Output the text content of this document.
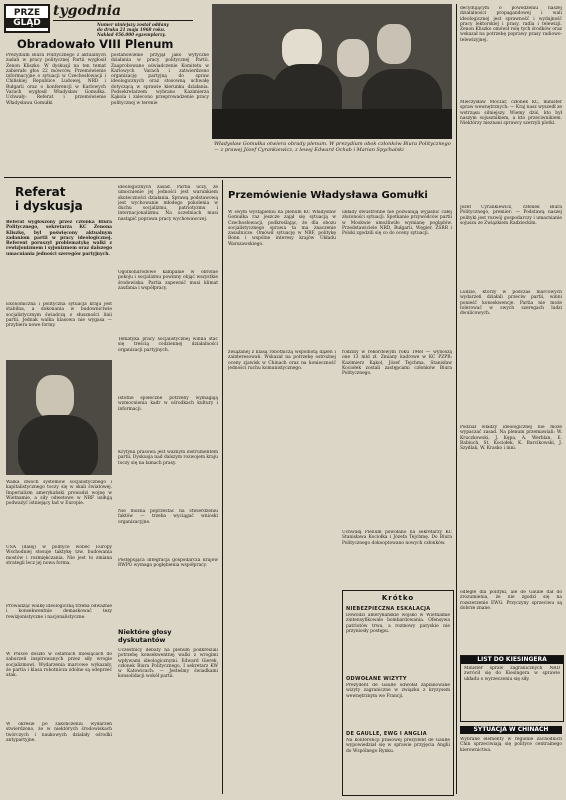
PRZE
GLĄD
tygodnia
Numer niniejszy został oddany
do druku 21 maja 1968 roku.
Nakład 456.000 egzemplarzy.
Obradowało VIII Plenum
Prezydium Biura Politycznego z aktualnych zadań w pracy politycznej Partii wygłosił Zenon Kliszko. W dyskusji na ten temat zabierało głos 22 mówców. Przemówienie informacyjne o sytuacji w Czechosłowacji i Chińskiej Republice Ludowej, NRD i Bułgarii oraz o konferencji w Karlowych Varach wygłosił Władysław Gomułka. Uchwały: Referat i przemówienie Władysława Gomułki
postanowienie przyjął jako wytyczne działania w pracy politycznej Partii. Zaaprobowano oświadczenie Komitetu w Karlowych Varach i zatwierdzono organizację partyjną do spraw ideologicznych oraz stosowną uchwałę dotyczącą w sprawie kierunku działania. Podsekretarzem wybrano Kazimierza Kąkola i zalecono przeprowadzenie pracy politycznej w terenie
Władysław Gomułka otwiera obrady plenum. W prezydium obok członków Biura Politycznego — z prawej Józef Cyrankiewicz, z lewej Edward Ochab i Marian Spychalski
Referat
i dyskusja
Referat wygłoszony przez członka Biura Politycznego, sekretarza KC Zenona Kliszkę, był poświęcony aktualnym zadaniom partii w pracy ideologicznej. Referent poruszył problematykę walki z rewizjonizmem i syjonizmem oraz dalszego umacniania jedności szeregów partyjnych.
Ekonomiczna i polityczna sytuacja kraju jest stabilna, a dokonania w budownictwie socjalistycznym świadczą o słuszności linii partii. Jednak walka klasowa nie wygasa — przybiera nowe formy.
Walka dwóch systemów socjalistycznego i kapitalistycznego toczy się w skali światowej. Imperializm amerykański prowadzi wojnę w Wietnamie, a siły odwetowe w NRF usiłują podważyć istniejący ład w Europie.
USA (dalej) w polityce wobec Europy Wschodniej stosuje taktykę tzw. budowania mostów i rozmiękczania. Nie jest to zmiana strategii lecz jej nowa forma.
Prowadząc walkę ideologiczną trzeba odważnie i konsekwentnie demaskować tezy rewizjonistyczne i nacjonalistyczne.
W Polsce doszło w ostatnich miesiącach do zaburzeń inspirowanych przez siły wrogie socjalizmowi. Wydarzenia marcowe wykazały, że partia i klasa robotnicza zdolne są odeprzeć atak.
W okresie po zakończeniu wydarzeń stwierdzono, że w niektórych środowiskach twórczych i naukowych działały ośrodki antypartyjne.
ideologicznych zasad. Partia uczy, że umocnienie jej jedności jest warunkiem skuteczności działania. Sprawą podstawową jest wychowanie młodego pokolenia w duchu socjalizmu, patriotyzmu i internacjonalizmu. Na uczelniach musi nastąpić poprawa pracy wychowawczej.
Ogólnonarodowe kampanie w obronie pokoju i socjalizmu powinny objąć wszystkie środowiska. Partia zapewnić musi klimat zaufania i współpracy.
Tematyka pracy socjalistycznej winna stać się treścią codziennej działalności organizacji partyjnych.
Istotne społeczne potrzeby wymagają wzmocnienia kadr w ośrodkach kultury i informacji.
Krytyka prasowa jest ważnym instrumentem partii. Dyskusja nad dalszym rozwojem kraju toczy się na łamach prasy.
Nie można poprzestać na stwierdzeniu faktów — trzeba wyciągać wnioski organizacyjne.
Postępująca integracja gospodarcza krajów RWPG wymaga pogłębienia współpracy.
Niektóre głosy dyskutantów
Uczestnicy debaty na plenum podkreślali potrzebę konsekwentnej walki z wrogimi wpływami ideologicznymi. Edward Gierek, członek Biura Politycznego, I sekretarz KW w Katowicach: — Jesteśmy świadkami konsolidacji wokół partii.
Przemówienie Władysława Gomułki
W swym wystąpieniu na plenum KC Władysław Gomułka raz jeszcze zajął się sytuacją w Czechosłowacji, podkreślając, że dla obozu socjalistycznego sprawa ta ma znaczenie zasadnicze. Omówił sytuację w NRF, politykę Bonn i wspólne interesy krajów Układu Warszawskiego.
układy dwustronne nie pozwalają wyjaśnić całej złożoności sytuacji. Spotkanie przywódców partii w Moskwie umożliwiło wymianę poglądów. Przedstawiciele NRD, Bułgarii, Węgier, ZSRR i Polski zgodzili się co do oceny sytuacji.
związanej z klasą robotniczą wspólnotą dążeń i zainteresowań. Wskazał na potrzebę ostrożnej oceny zjawisk w Chinach oraz na konieczność jedności ruchu komunistycznego.
rodziny w rekordowym roku 1968 — wynoszą one 13 mld zł. Zmiany kadrowe w KC PZPR: Kazimierz Kąkol, Józef Tejchma, Stanisław Kociołek zostali zastępcami członków Biura Politycznego.
Uchwałą Plenum powołano na sekretarzy KC Stanisława Kociołka i Józefa Tejchmę. Do Biura Politycznego dokooptowano nowych członków.
Krótko
NIEBEZPIECZNA ESKALACJA
Dowodzi amerykańskie wojsko w Wietnamie zintensyfikowało bombardowania. Ofensywa patriotów trwa, a rozmowy paryskie nie przyniosły postępu.
ODWOŁANE WIZYTY
Prezydent de Gaulle odwołał zaplanowane wizyty zagraniczne w związku z kryzysem wewnętrznym we Francji.
DE GAULLE, EWG I ANGLIA
Na konferencji prasowej prezydent de Gaulle wypowiedział się w sprawie przyjęcia Anglii do Wspólnego Rynku.
decydującym o powodzeniu naszej działalności propagandowej i wali ideologicznej jest sprawność i wydajność pracy lektorskiej i prasy, radia i telewizji. Zenon Kliszko omówił rolę tych środków oraz wskazał na potrzebę poprawy prasy radiowo-telewizyjnej.
Mieczysław Moczar, członek KC, minister spraw wewnętrznych: — Kraj nasz wyszedł ze wstrząsu silniejszy. Wiemy dziś, kto był naszym sojusznikiem, a kto przeciwnikiem. Niektórzy nieznani sprawcy szerzyli plotki.
Józef Cyrankiewicz, członek Biura Politycznego, premier: — Podstawą naszej polityki jest rozwój gospodarczy i umacnianie sojuszu ze Związkiem Radzieckim.
Ludzie, którzy w podczas marcowych wydarzeń działali przeciw partii, winni ponieść konsekwencje. Partia nie może tolerować w swych szeregach ludzi dwulicowych.
Podział władzy ideologicznej nie może wypaczać zasad. Na plenum przemawiali: W. Kruczkowski, J. Kępa, A. Werblan, E. Babiuch, St. Kociołek, K. Barcikowski, J. Szydlak, W. Krasko i inni.
odległe dla polityki, ale de Gaulle dał do zrozumienia, że nie zgodzi się na rozszerzenie EWG. Przyczyny sprzeciwu są dobrze znane.
LIST DO KIESINGERA
Minister spraw zagranicznych NRD zwrócił się do Kiesingera w sprawie układu o wyrzeczeniu się siły.
SYTUACJA W CHINACH
Wybrane elementy w regionie zachodnich Chin sprzeciwiają się polityce centralnego kierownictwa.
